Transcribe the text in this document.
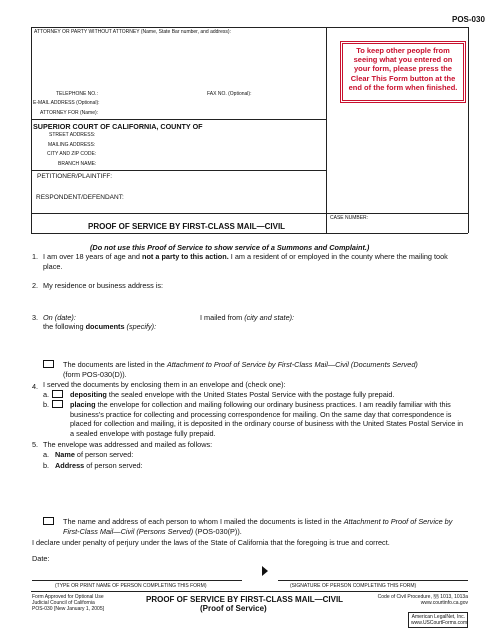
POS-030
ATTORNEY OR PARTY WITHOUT ATTORNEY (Name, State Bar number, and address):
TELEPHONE NO.:	FAX NO. (Optional):
E-MAIL ADDRESS (Optional):
ATTORNEY FOR (Name):
To keep other people from seeing what you entered on your form, please press the Clear This Form button at the end of the form when finished.
SUPERIOR COURT OF CALIFORNIA, COUNTY OF
STREET ADDRESS:
MAILING ADDRESS:
CITY AND ZIP CODE:
BRANCH NAME:
PETITIONER/PLAINTIFF:
RESPONDENT/DEFENDANT:
PROOF OF SERVICE BY FIRST-CLASS MAIL—CIVIL
CASE NUMBER:
(Do not use this Proof of Service to show service of a Summons and Complaint.)
1. I am over 18 years of age and not a party to this action. I am a resident of or employed in the county where the mailing took place.
2. My residence or business address is:
3. On (date):	I mailed from (city and state):
the following documents (specify):
The documents are listed in the Attachment to Proof of Service by First-Class Mail—Civil (Documents Served)
(form POS-030(D)).
4. I served the documents by enclosing them in an envelope and (check one):
a.	depositing the sealed envelope with the United States Postal Service with the postage fully prepaid.
b.	placing the envelope for collection and mailing following our ordinary business practices. I am readily familiar with this business's practice for collecting and processing correspondence for mailing. On the same day that correspondence is placed for collection and mailing, it is deposited in the ordinary course of business with the United States Postal Service in a sealed envelope with postage fully prepaid.
5. The envelope was addressed and mailed as follows:
a. Name of person served:
b. Address of person served:
The name and address of each person to whom I mailed the documents is listed in the Attachment to Proof of Service by First-Class Mail—Civil (Persons Served) (POS-030(P)).
I declare under penalty of perjury under the laws of the State of California that the foregoing is true and correct.
Date:
(TYPE OR PRINT NAME OF PERSON COMPLETING THIS FORM)	(SIGNATURE OF PERSON COMPLETING THIS FORM)
Form Approved for Optional Use
Judicial Council of California
POS-030 [New January 1, 2005]
PROOF OF SERVICE BY FIRST-CLASS MAIL—CIVIL
(Proof of Service)
Code of Civil Procedure, §§ 1013, 1013a
www.courtinfo.ca.gov
American LegalNet, Inc.
www.USCourtForms.com
